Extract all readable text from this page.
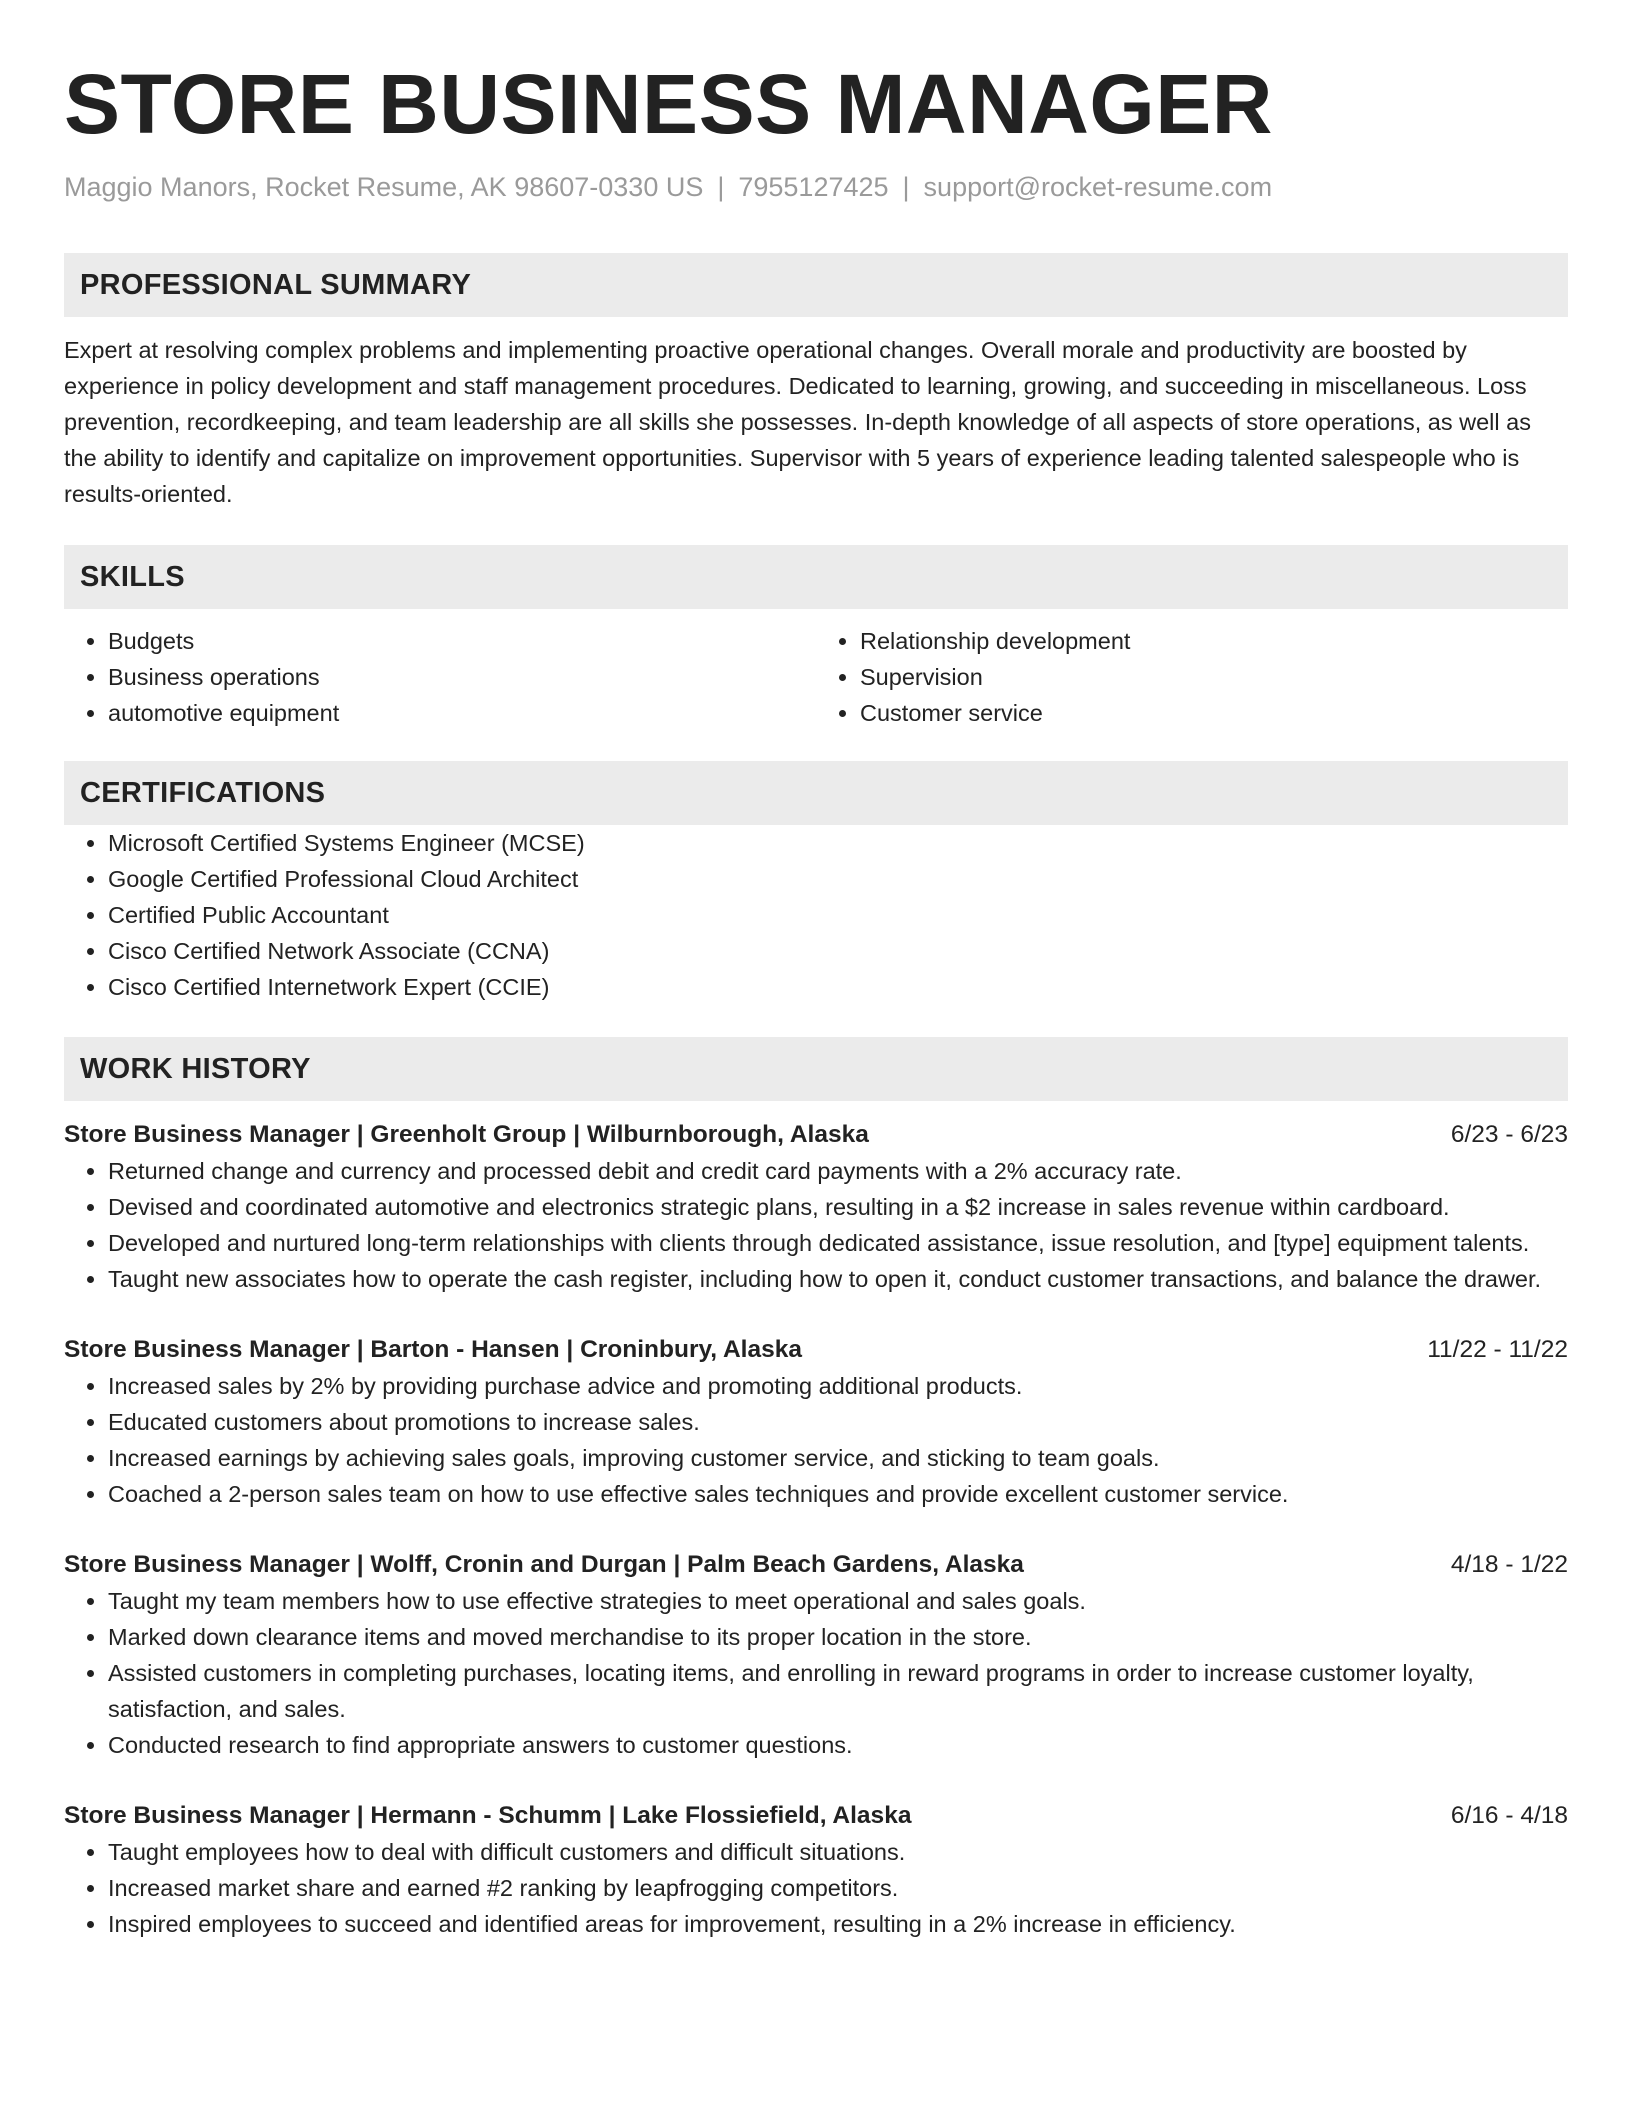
STORE BUSINESS MANAGER
Maggio Manors, Rocket Resume, AK 98607-0330 US | 7955127425 | support@rocket-resume.com
PROFESSIONAL SUMMARY

Expert at resolving complex problems and implementing proactive operational changes. Overall morale and productivity are boosted by experience in policy development and staff management procedures. Dedicated to learning, growing, and succeeding in miscellaneous. Loss prevention, recordkeeping, and team leadership are all skills she possesses. In-depth knowledge of all aspects of store operations, as well as the ability to identify and capitalize on improvement opportunities. Supervisor with 5 years of experience leading talented salespeople who is results-oriented.

SKILLS
• Budgets
• Business operations
• automotive equipment
• Relationship development
• Supervision
• Customer service
CERTIFICATIONS
• Microsoft Certified Systems Engineer (MCSE)
• Google Certified Professional Cloud Architect
• Certified Public Accountant
• Cisco Certified Network Associate (CCNA)
• Cisco Certified Internetwork Expert (CCIE)
WORK HISTORY
Store Business Manager | Greenholt Group | Wilburnborough, Alaska	6/23 - 6/23
• Returned change and currency and processed debit and credit card payments with a 2% accuracy rate.
• Devised and coordinated automotive and electronics strategic plans, resulting in a $2 increase in sales revenue within cardboard.
• Developed and nurtured long-term relationships with clients through dedicated assistance, issue resolution, and [type] equipment talents.
• Taught new associates how to operate the cash register, including how to open it, conduct customer transactions, and balance the drawer.
Store Business Manager | Barton - Hansen | Croninbury, Alaska	11/22 - 11/22
• Increased sales by 2% by providing purchase advice and promoting additional products.
• Educated customers about promotions to increase sales.
• Increased earnings by achieving sales goals, improving customer service, and sticking to team goals.
• Coached a 2-person sales team on how to use effective sales techniques and provide excellent customer service.
Store Business Manager | Wolff, Cronin and Durgan | Palm Beach Gardens, Alaska	4/18 - 1/22
• Taught my team members how to use effective strategies to meet operational and sales goals.
• Marked down clearance items and moved merchandise to its proper location in the store.
• Assisted customers in completing purchases, locating items, and enrolling in reward programs in order to increase customer loyalty, satisfaction, and sales.
• Conducted research to find appropriate answers to customer questions.
Store Business Manager | Hermann - Schumm | Lake Flossiefield, Alaska	6/16 - 4/18
• Taught employees how to deal with difficult customers and difficult situations.
• Increased market share and earned #2 ranking by leapfrogging competitors.
• Inspired employees to succeed and identified areas for improvement, resulting in a 2% increase in efficiency.
